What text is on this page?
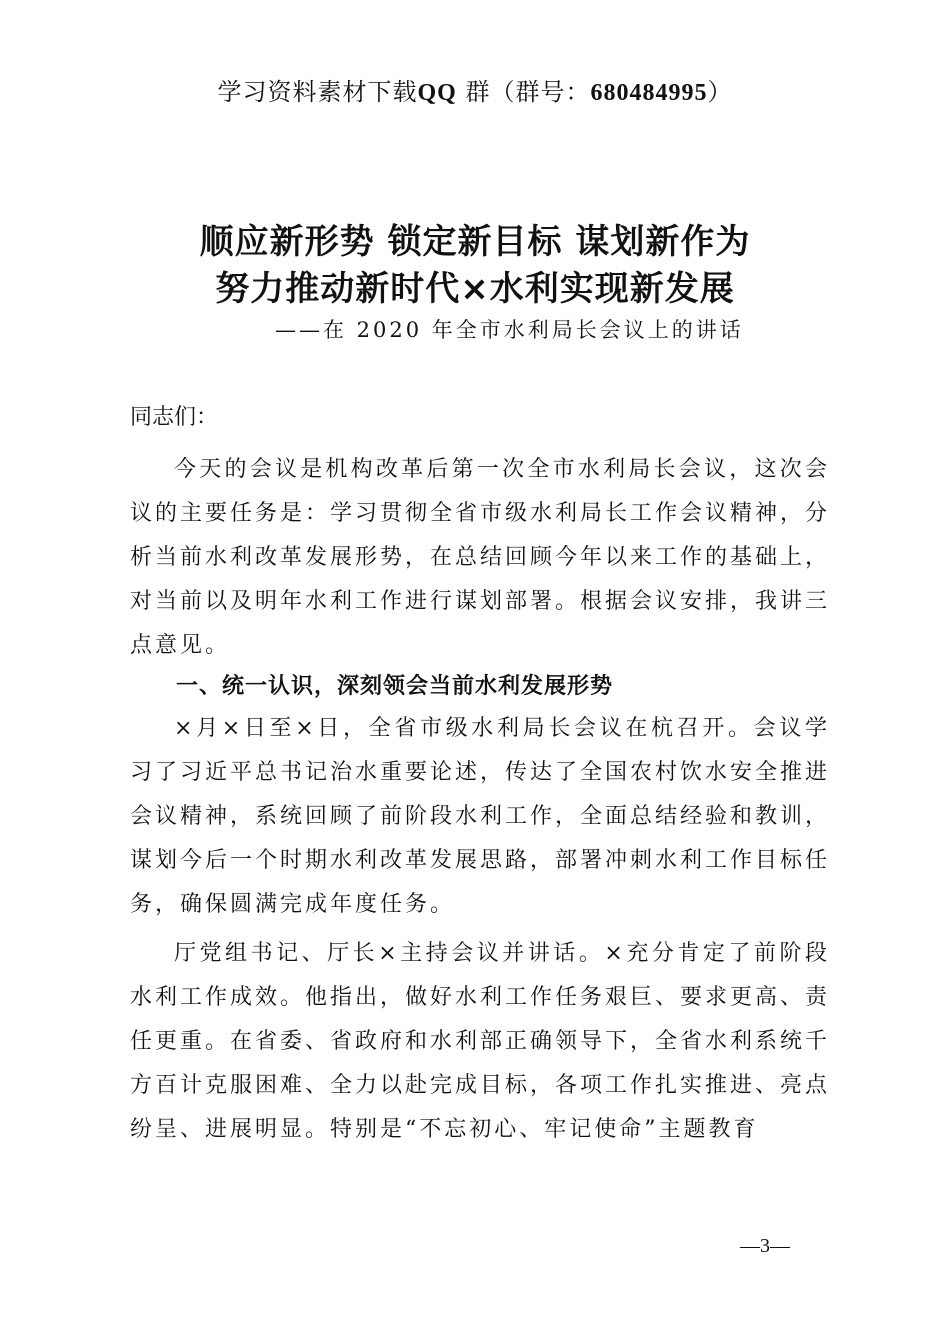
学习资料素材下载QQ 群（群号：680484995）
顺应新形势 锁定新目标 谋划新作为
努力推动新时代×水利实现新发展
——在 2020 年全市水利局长会议上的讲话
同志们：

今天的会议是机构改革后第一次全市水利局长会议，这次会议的主要任务是：学习贯彻全省市级水利局长工作会议精神，分析当前水利改革发展形势，在总结回顾今年以来工作的基础上，对当前以及明年水利工作进行谋划部署。根据会议安排，我讲三点意见。

一、统一认识，深刻领会当前水利发展形势

×月×日至×日，全省市级水利局长会议在杭召开。会议学习了习近平总书记治水重要论述，传达了全国农村饮水安全推进会议精神，系统回顾了前阶段水利工作，全面总结经验和教训，谋划今后一个时期水利改革发展思路，部署冲刺水利工作目标任务，确保圆满完成年度任务。

厅党组书记、厅长×主持会议并讲话。×充分肯定了前阶段水利工作成效。他指出，做好水利工作任务艰巨、要求更高、责任更重。在省委、省政府和水利部正确领导下，全省水利系统千方百计克服困难、全力以赴完成目标，各项工作扎实推进、亮点纷呈、进展明显。特别是“不忘初心、牢记使命”主题教育

—3—
